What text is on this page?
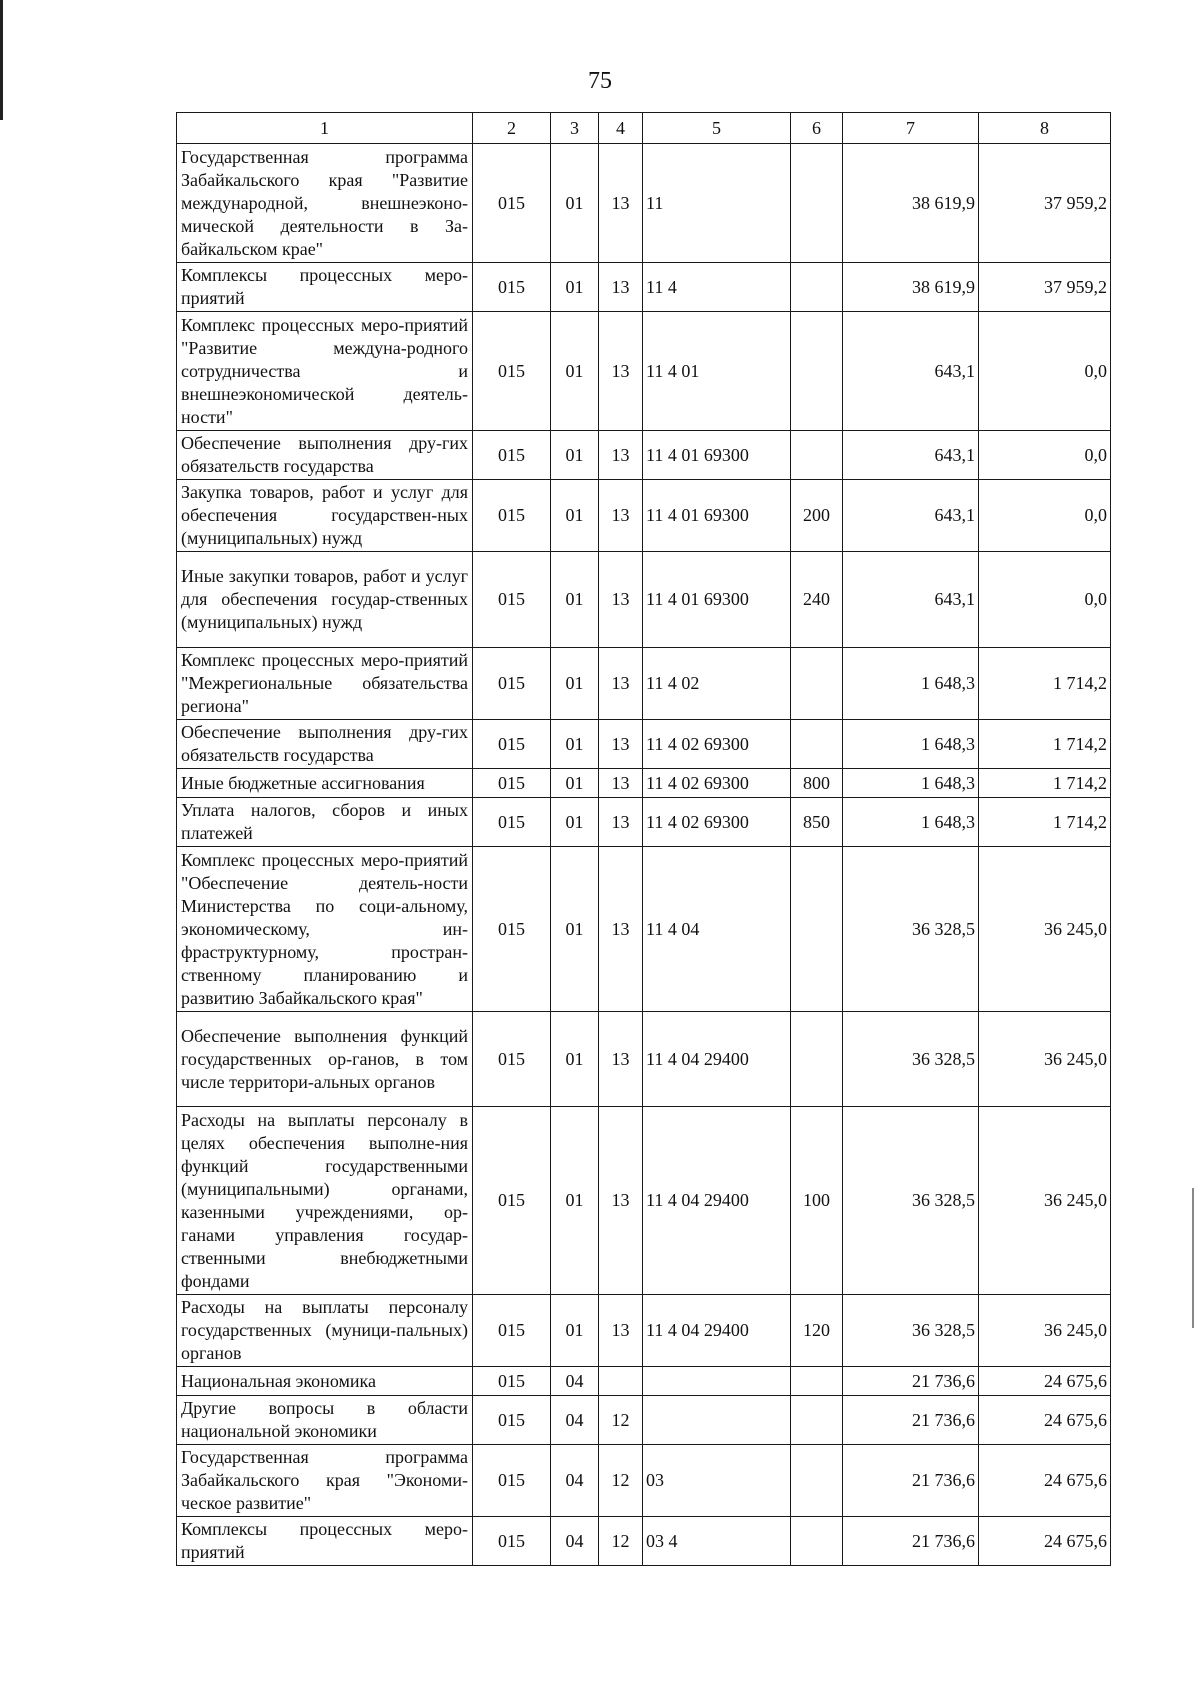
75
1	2	3	4	5	6	7	8
Государственная программа Забайкальского края "Развитие международной, внешнеэконо-мической деятельности в За-байкальском крае"	015	01	13	11		38 619,9	37 959,2
Комплексы процессных меро-приятий	015	01	13	11 4		38 619,9	37 959,2
Комплекс процессных меро-приятий "Развитие междуна-родного сотрудничества и внешнеэкономической деятель-ности"	015	01	13	11 4 01		643,1	0,0
Обеспечение выполнения дру-гих обязательств государства	015	01	13	11 4 01 69300		643,1	0,0
Закупка товаров, работ и услуг для обеспечения государствен-ных (муниципальных) нужд	015	01	13	11 4 01 69300	200	643,1	0,0
Иные закупки товаров, работ и услуг для обеспечения государ-ственных (муниципальных) нужд	015	01	13	11 4 01 69300	240	643,1	0,0
Комплекс процессных меро-приятий "Межрегиональные обязательства региона"	015	01	13	11 4 02		1 648,3	1 714,2
Обеспечение выполнения дру-гих обязательств государства	015	01	13	11 4 02 69300		1 648,3	1 714,2
Иные бюджетные ассигнования	015	01	13	11 4 02 69300	800	1 648,3	1 714,2
Уплата налогов, сборов и иных платежей	015	01	13	11 4 02 69300	850	1 648,3	1 714,2
Комплекс процессных меро-приятий "Обеспечение деятель-ности Министерства по соци-альному, экономическому, ин-фраструктурному, простран-ственному планированию и развитию Забайкальского края"	015	01	13	11 4 04		36 328,5	36 245,0
Обеспечение выполнения функций государственных ор-ганов, в том числе территори-альных органов	015	01	13	11 4 04 29400		36 328,5	36 245,0
Расходы на выплаты персоналу в целях обеспечения выполне-ния функций государственными (муниципальными) органами, казенными учреждениями, ор-ганами управления государ-ственными внебюджетными фондами	015	01	13	11 4 04 29400	100	36 328,5	36 245,0
Расходы на выплаты персоналу государственных (муници-пальных) органов	015	01	13	11 4 04 29400	120	36 328,5	36 245,0
Национальная экономика	015	04				21 736,6	24 675,6
Другие вопросы в области национальной экономики	015	04	12			21 736,6	24 675,6
Государственная программа Забайкальского края "Экономи-ческое развитие"	015	04	12	03		21 736,6	24 675,6
Комплексы процессных меро-приятий	015	04	12	03 4		21 736,6	24 675,6
